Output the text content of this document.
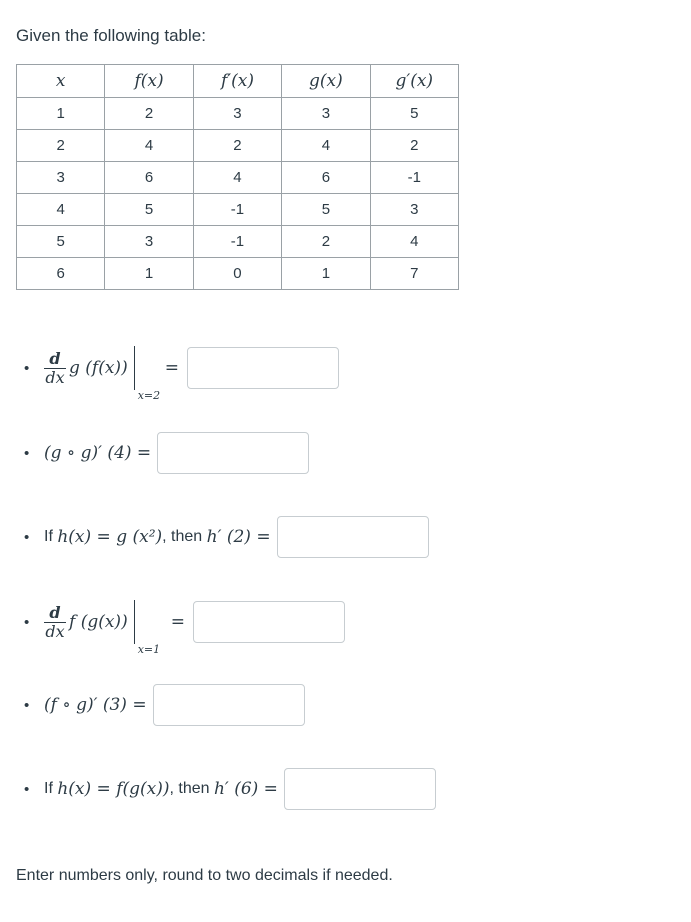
Given the following table:
x	f(x)	f′(x)	g(x)	g′(x)
1	2	3	3	5
2	4	2	4	2
3	6	4	6	-1
4	5	-1	5	3
5	3	-1	2	4
6	1	0	1	7
• $\frac{d}{dx}$ g (f(x))
x=2
=
• (g ∘ g)′ (4) =
• If h(x) = g (x²) , then h′ (2) =
• $\frac{d}{dx}$ f (g(x))
x=1
=
• (f ∘ g)′ (3) =
• If h(x) = f(g(x)) , then h′ (6) =
Enter numbers only, round to two decimals if needed.
